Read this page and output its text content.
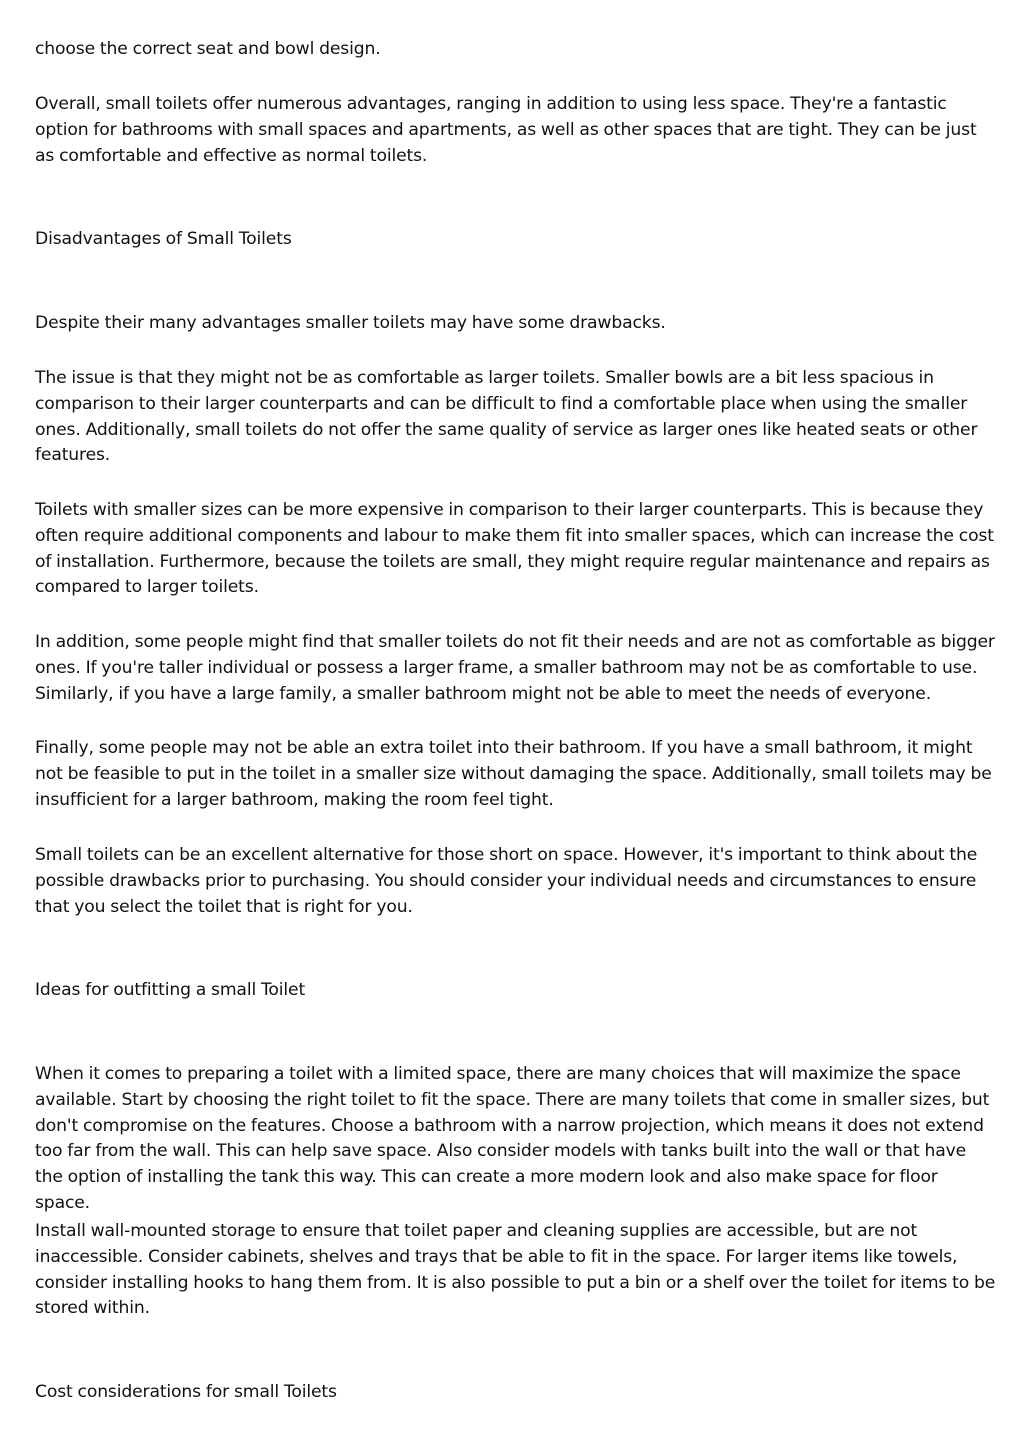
choose the correct seat and bowl design.

Overall, small toilets offer numerous advantages, ranging in addition to using less space. They're a fantastic option for bathrooms with small spaces and apartments, as well as other spaces that are tight. They can be just as comfortable and effective as normal toilets.

Disadvantages of Small Toilets

Despite their many advantages smaller toilets may have some drawbacks.

The issue is that they might not be as comfortable as larger toilets. Smaller bowls are a bit less spacious in comparison to their larger counterparts and can be difficult to find a comfortable place when using the smaller ones. Additionally, small toilets do not offer the same quality of service as larger ones like heated seats or other features.

Toilets with smaller sizes can be more expensive in comparison to their larger counterparts. This is because they often require additional components and labour to make them fit into smaller spaces, which can increase the cost of installation. Furthermore, because the toilets are small, they might require regular maintenance and repairs as compared to larger toilets.

In addition, some people might find that smaller toilets do not fit their needs and are not as comfortable as bigger ones. If you're taller individual or possess a larger frame, a smaller bathroom may not be as comfortable to use. Similarly, if you have a large family, a smaller bathroom might not be able to meet the needs of everyone.

Finally, some people may not be able an extra toilet into their bathroom. If you have a small bathroom, it might not be feasible to put in the toilet in a smaller size without damaging the space. Additionally, small toilets may be insufficient for a larger bathroom, making the room feel tight.

Small toilets can be an excellent alternative for those short on space. However, it's important to think about the possible drawbacks prior to purchasing. You should consider your individual needs and circumstances to ensure that you select the toilet that is right for you.

Ideas for outfitting a small Toilet

When it comes to preparing a toilet with a limited space, there are many choices that will maximize the space available. Start by choosing the right toilet to fit the space. There are many toilets that come in smaller sizes, but don't compromise on the features. Choose a bathroom with a narrow projection, which means it does not extend too far from the wall. This can help save space. Also consider models with tanks built into the wall or that have the option of installing the tank this way. This can create a more modern look and also make space for floor space.

Install wall-mounted storage to ensure that toilet paper and cleaning supplies are accessible, but are not inaccessible. Consider cabinets, shelves and trays that be able to fit in the space. For larger items like towels, consider installing hooks to hang them from. It is also possible to put a bin or a shelf over the toilet for items to be stored within.

Cost considerations for small Toilets
